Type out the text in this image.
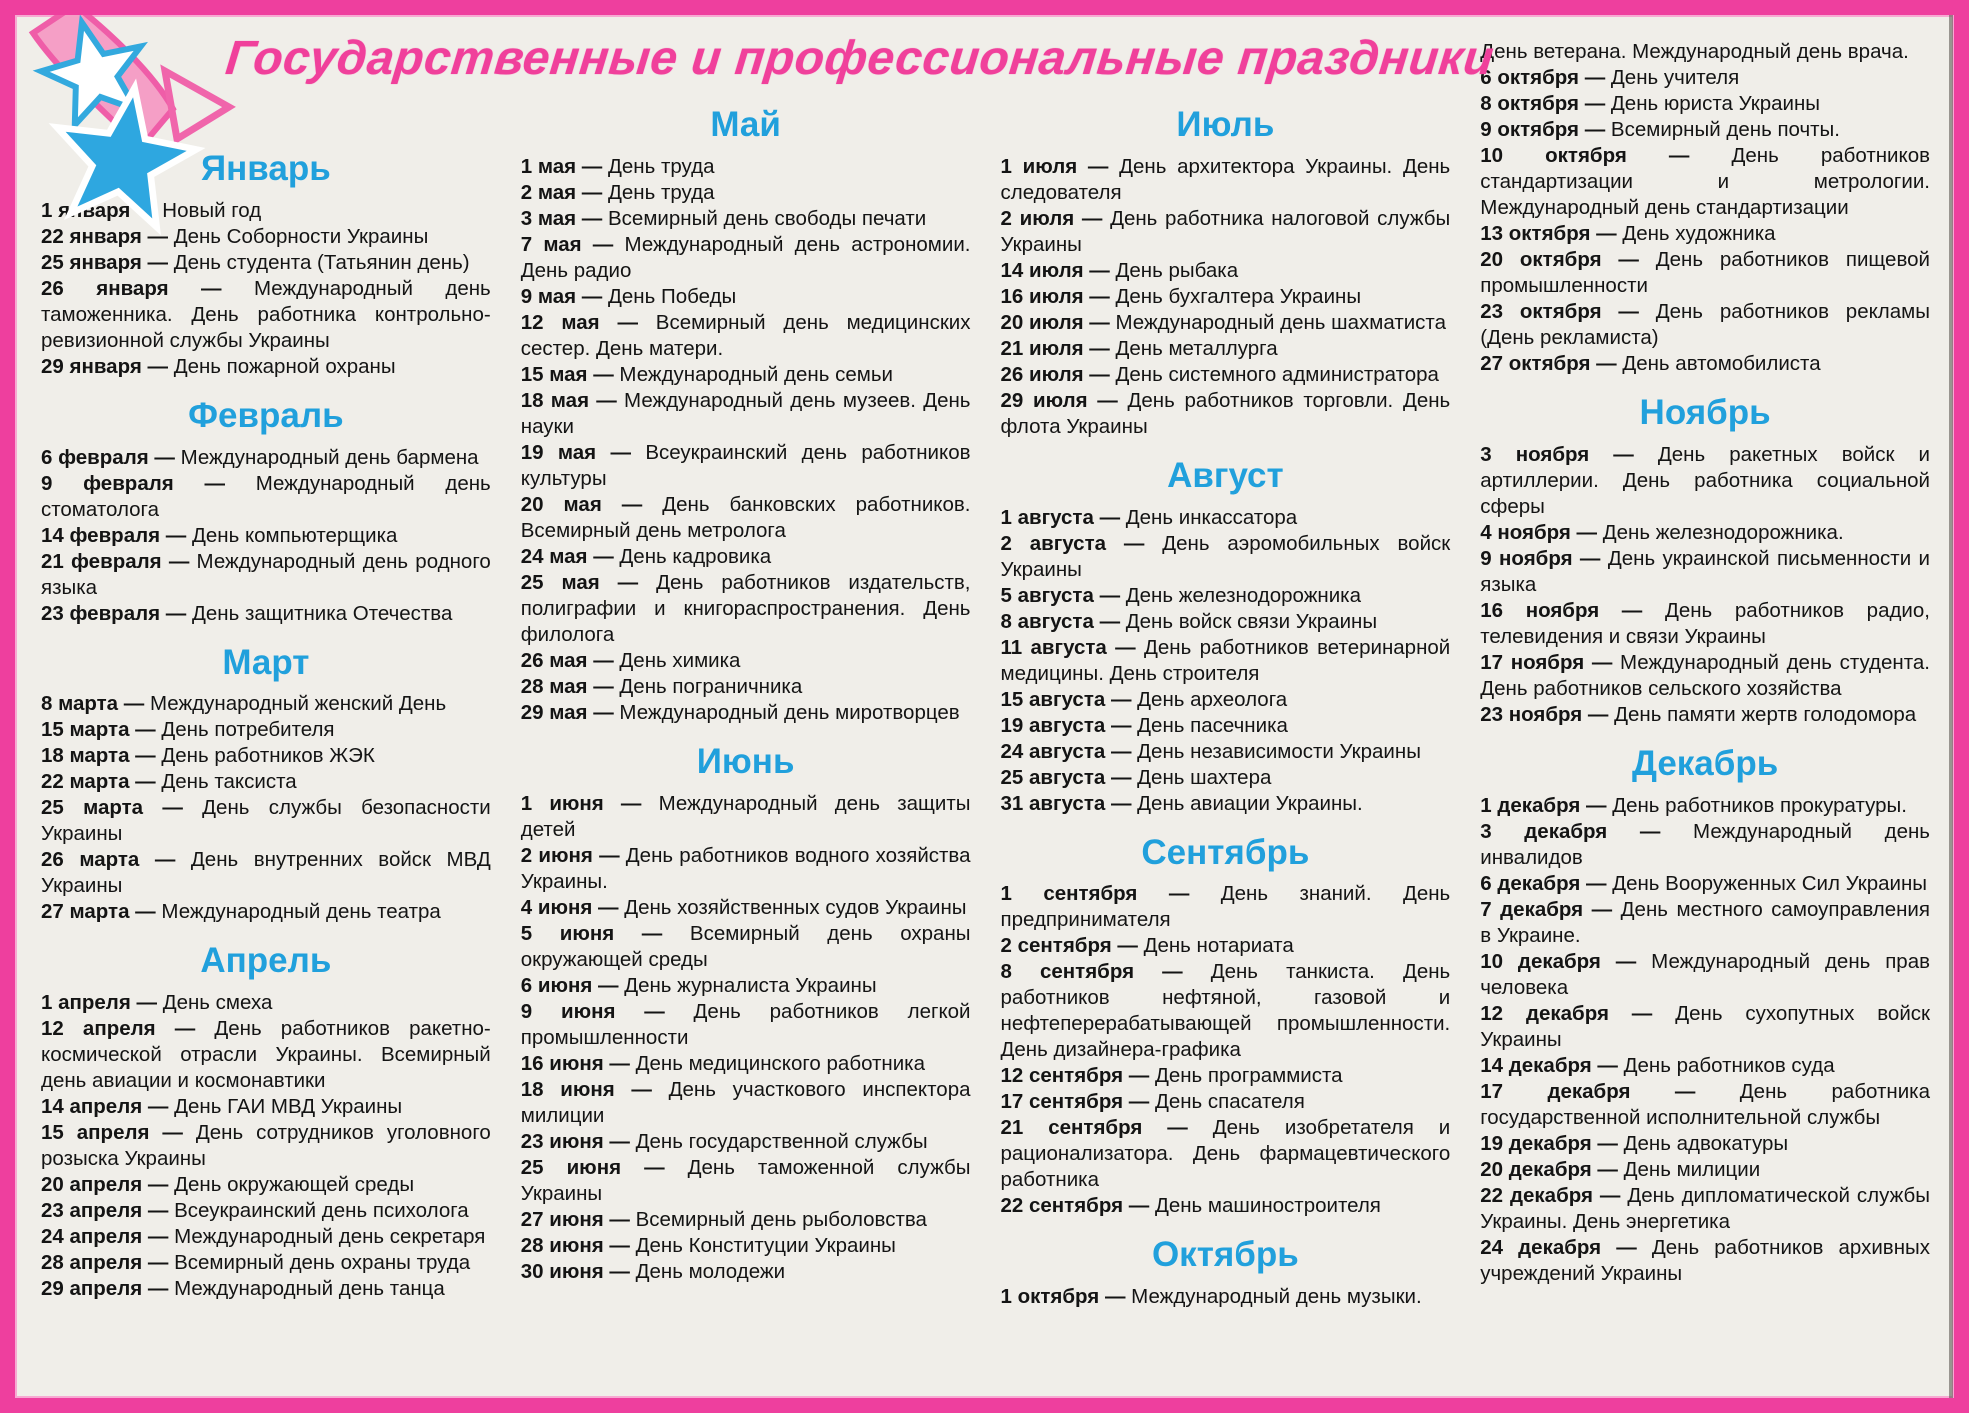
Государственные и профессиональные праздники
Январь

1 января — Новый год

22 января — День Соборности Украины

25 января — День студента (Татьянин день)

26 января — Международный день таможенника. День работника контрольно-ревизионной службы Украины

29 января — День пожарной охраны

Февраль

6 февраля — Международный день бармена

9 февраля — Международный день стоматолога

14 февраля — День компьютерщика

21 февраля — Международный день родного языка

23 февраля — День защитника Отечества

Март

8 марта — Международный женский День

15 марта — День потребителя

18 марта — День работников ЖЭК

22 марта — День таксиста

25 марта — День службы безопасности Украины

26 марта — День внутренних войск МВД Украины

27 марта — Международный день театра

Апрель

1 апреля — День смеха

12 апреля — День работников ракетно-космической отрасли Украины. Всемирный день авиации и космонавтики

14 апреля — День ГАИ МВД Украины

15 апреля — День сотрудников уголовного розыска Украины

20 апреля — День окружающей среды

23 апреля — Всеукраинский день психолога

24 апреля — Международный день секретаря

28 апреля — Всемирный день охраны труда

29 апреля — Международный день танца

Май

1 мая — День труда

2 мая — День труда

3 мая — Всемирный день свободы печати

7 мая — Международный день астрономии. День радио

9 мая — День Победы

12 мая — Всемирный день медицинских сестер. День матери.

15 мая — Международный день семьи

18 мая — Международный день музеев. День науки

19 мая — Всеукраинский день работников культуры

20 мая — День банковских работников. Всемирный день метролога

24 мая — День кадровика

25 мая — День работников издательств, полиграфии и книгораспространения. День филолога

26 мая — День химика

28 мая — День пограничника

29 мая — Международный день миротворцев

Июнь

1 июня — Международный день защиты детей

2 июня — День работников водного хозяйства Украины.

4 июня — День хозяйственных судов Украины

5 июня — Всемирный день охраны окружающей среды

6 июня — День журналиста Украины

9 июня — День работников легкой промышленности

16 июня — День медицинского работника

18 июня — День участкового инспектора милиции

23 июня — День государственной службы

25 июня — День таможенной службы Украины

27 июня — Всемирный день рыболовства

28 июня — День Конституции Украины

30 июня — День молодежи

Июль

1 июля — День архитектора Украины. День следователя

2 июля — День работника налоговой службы Украины

14 июля — День рыбака

16 июля — День бухгалтера Украины

20 июля — Международный день шахматиста

21 июля — День металлурга

26 июля — День системного администратора

29 июля — День работников торговли. День флота Украины

Август

1 августа — День инкассатора

2 августа — День аэромобильных войск Украины

5 августа — День железнодорожника

8 августа — День войск связи Украины

11 августа — День работников ветеринарной медицины. День строителя

15 августа — День археолога

19 августа — День пасечника

24 августа — День независимости Украины

25 августа — День шахтера

31 августа — День авиации Украины.

Сентябрь

1 сентября — День знаний. День предпринимателя

2 сентября — День нотариата

8 сентября — День танкиста. День работников нефтяной, газовой и нефтеперерабатывающей промышленности. День дизайнера-графика

12 сентября — День программиста

17 сентября — День спасателя

21 сентября — День изобретателя и рационализатора. День фармацевтического работника

22 сентября — День машиностроителя

Октябрь

1 октября — Международный день музыки.

День ветерана. Международный день врача.

6 октября — День учителя

8 октября — День юриста Украины

9 октября — Всемирный день почты.

10 октября — День работников стандартизации и метрологии. Международный день стандартизации

13 октября — День художника

20 октября — День работников пищевой промышленности

23 октября — День работников рекламы (День рекламиста)

27 октября — День автомобилиста

Ноябрь

3 ноября — День ракетных войск и артиллерии. День работника социальной сферы

4 ноября — День железнодорожника.

9 ноября — День украинской письменности и языка

16 ноября — День работников радио, телевидения и связи Украины

17 ноября — Международный день студента. День работников сельского хозяйства

23 ноября — День памяти жертв голодомора

Декабрь

1 декабря — День работников прокуратуры.

3 декабря — Международный день инвалидов

6 декабря — День Вооруженных Сил Украины

7 декабря — День местного самоуправления в Украине.

10 декабря — Международный день прав человека

12 декабря — День сухопутных войск Украины

14 декабря — День работников суда

17 декабря — День работника государственной исполнительной службы

19 декабря — День адвокатуры

20 декабря — День милиции

22 декабря — День дипломатической службы Украины. День энергетика

24 декабря — День работников архивных учреждений Украины
